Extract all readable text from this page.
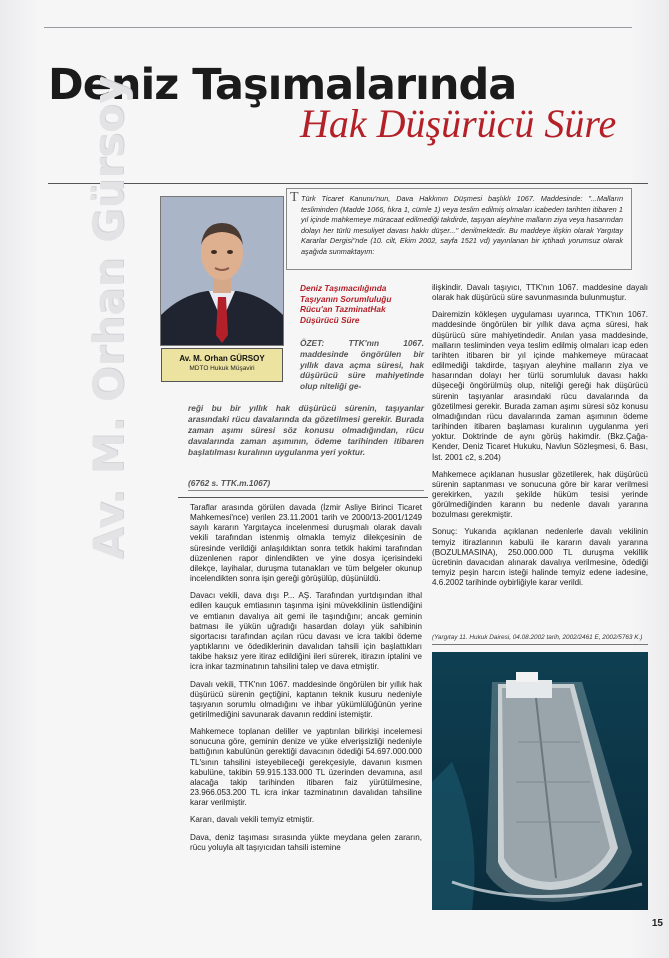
Deniz Taşımalarında
Hak Düşürücü Süre
Av. M. Orhan Gürsoy	Av. M. Orhan GÜRSOY
MDTO Hukuk Müşaviri
T Türk Ticaret Kanunu'nun, Dava Hakkının Düşmesi başlıklı 1067. Maddesinde: "...Malların tesliminden (Madde 1066, fıkra 1, cümle 1) veya teslim edilmiş olmaları icabeden tarihten itibaren 1 yıl içinde mahkemeye müracaat edilmediği takdirde, taşıyan aleyhine malların ziya veya hasarından dolayı her türlü mesuliyet davası hakkı düşer..." denilmektedir. Bu maddeye ilişkin olarak Yargıtay Kararlar Dergisi"nde (10. cilt, Ekim 2002, sayfa 1521 vd) yayınlanan bir içtihadı yorumsuz olarak aşağıda sunmaktayım:
Deniz Taşımacılığında Taşıyanın Sorumluluğu Rücu'an TazminatHak Düşürücü Süre
ÖZET: TTK'nın 1067. maddesinde öngörülen bir yıllık dava açma süresi, hak düşürücü süre mahiyetinde olup niteliği ge-
reği bu bir yıllık hak düşürücü sürenin, taşıyanlar arasındaki rücu davalarında da gözetilmesi gerekir. Burada zaman aşımı süresi söz konusu olmadığından, rücu davalarında zaman aşımının, ödeme tarihinden itibaren başlatılması kuralının uygulanma yeri yoktur.
(6762 s. TTK.m.1067)

Taraflar arasında görülen davada (İzmir Asliye Birinci Ticaret Mahkemesi'nce) verilen 23.11.2001 tarih ve 2000/13-2001/1249 sayılı kararın Yargıtayca incelenmesi duruşmalı olarak davalı vekili tarafından istenmiş olmakla temyiz dilekçesinin de süresinde verildiği anlaşıldıktan sonra tetkik hakimi tarafından düzenlenen rapor dinlendikten ve yine dosya içerisindeki dilekçe, layihalar, duruşma tutanakları ve tüm belgeler okunup incelendikten sonra işin gereği görüşülüp, düşünüldü.

Davacı vekili, dava dışı P... AŞ. Tarafından yurtdışından ithal edilen kauçuk emtiasının taşınma işini müvekkilinin üstlendiğini ve emtianın davalıya ait gemi ile taşındığını; ancak geminin batması ile yükün uğradığı hasardan dolayı yük sahibinin sigortacısı tarafından açılan rücu davası ve icra takibi ödeme yaptıklarını ve ödediklerinin davalıdan tahsili için başlattıkları takibe haksız yere itiraz edildiğini ileri sürerek, itirazın iptalini ve icra inkar tazminatının tahsilini talep ve dava etmiştir.

Davalı vekili, TTK'nın 1067. maddesinde öngörülen bir yıllık hak düşürücü sürenin geçtiğini, kaptanın teknik kusuru nedeniyle taşıyanın sorumlu olmadığını ve ihbar yükümlülüğünün yerine getirilmediğini savunarak davanın reddini istemiştir.

Mahkemece toplanan deliller ve yaptırılan bilirkişi incelemesi sonucuna göre, geminin denize ve yüke elverişsizliği nedeniyle battığının kabulünün gerektiği davacının ödediği 54.697.000.000 TL'sının tahsilini isteyebileceği gerekçesiyle, davanın kısmen kabulüne, takibin 59.915.133.000 TL üzerinden devamına, asıl alacağa takip tarihinden itibaren faiz yürütülmesine, 23.966.053.200 TL icra inkar tazminatının davalıdan tahsiline karar verilmiştir.

Kararı, davalı vekili temyiz etmiştir.

Dava, deniz taşıması sırasında yükte meydana gelen zararın, rücu yoluyla alt taşıyıcıdan tahsili istemine

ilişkindir. Davalı taşıyıcı, TTK'nın 1067. maddesine dayalı olarak hak düşürücü süre savunmasında bulunmuştur.

Dairemizin kökleşen uygulaması uyarınca, TTK'nın 1067. maddesinde öngörülen bir yıllık dava açma süresi, hak düşürücü süre mahiyetindedir. Anılan yasa maddesinde, malların tesliminden veya teslim edilmiş olmaları icap eden tarihten itibaren bir yıl içinde mahkemeye müracaat edilmediği takdirde, taşıyan aleyhine malların ziya ve hasarından dolayı her türlü sorumluluk davası hakkı düşeceği öngörülmüş olup, niteliği gereği hak düşürücü sürenin taşıyanlar arasındaki rücu davalarında da gözetilmesi gerekir. Burada zaman aşımı süresi söz konusu olmadığından rücu davalarında zaman aşımının ödeme tarihinden itibaren başlaması kuralının uygulanma yeri yoktur. Doktrinde de aynı görüş hakimdir. (Bkz.Çağa-Kender, Deniz Ticaret Hukuku, Navlun Sözleşmesi, 6. Bası, İst. 2001 c2, s.204)

Mahkemece açıklanan hususlar gözetilerek, hak düşürücü sürenin saptanması ve sonucuna göre bir karar verilmesi gerekirken, yazılı şekilde hüküm tesisi yerinde görülmediğinden kararın bu nedenle davalı yararına bozulması gerekmiştir.

Sonuç: Yukarıda açıklanan nedenlerle davalı vekilinin temyiz itirazlarının kabulü ile kararın davalı yararına (BOZULMASINA), 250.000.000 TL duruşma vekillik ücretinin davacıdan alınarak davalıya verilmesine, ödediği temyiz peşin harcın isteği halinde temyiz edene iadesine, 4.6.2002 tarihinde oybirliğiyle karar verildi.

(Yargıtay 11. Hukuk Dairesi, 04.08.2002 tarih, 2002/2461 E, 2002/5763 K.)
15
